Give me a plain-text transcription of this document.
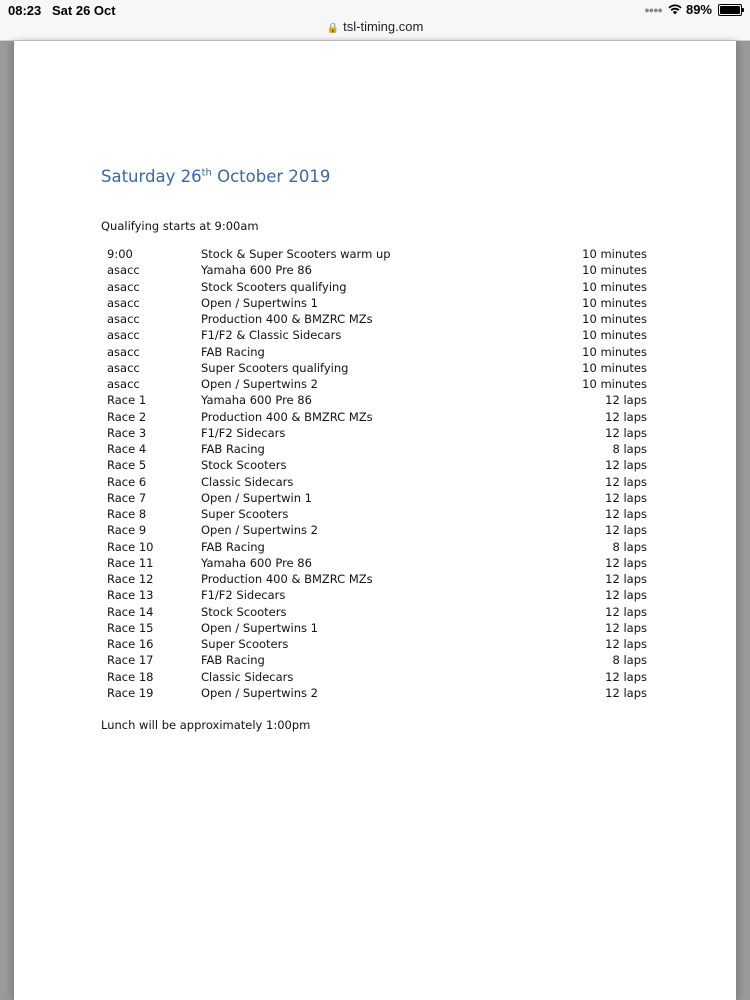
08:23 Sat 26 Oct	●●●● 89%
🔒 tsl-timing.com
Saturday 26th October 2019
Qualifying starts at 9:00am
9:00	Stock & Super Scooters warm up	10 minutes
asacc	Yamaha 600 Pre 86	10 minutes
asacc	Stock Scooters qualifying	10 minutes
asacc	Open / Supertwins 1	10 minutes
asacc	Production 400 & BMZRC MZs	10 minutes
asacc	F1/F2 & Classic Sidecars	10 minutes
asacc	FAB Racing	10 minutes
asacc	Super Scooters qualifying	10 minutes
asacc	Open / Supertwins 2	10 minutes
Race 1	Yamaha 600 Pre 86	12 laps
Race 2	Production 400 & BMZRC MZs	12 laps
Race 3	F1/F2 Sidecars	12 laps
Race 4	FAB Racing	8 laps
Race 5	Stock Scooters	12 laps
Race 6	Classic Sidecars	12 laps
Race 7	Open / Supertwin 1	12 laps
Race 8	Super Scooters	12 laps
Race 9	Open / Supertwins 2	12 laps
Race 10	FAB Racing	8 laps
Race 11	Yamaha 600 Pre 86	12 laps
Race 12	Production 400 & BMZRC MZs	12 laps
Race 13	F1/F2 Sidecars	12 laps
Race 14	Stock Scooters	12 laps
Race 15	Open / Supertwins 1	12 laps
Race 16	Super Scooters	12 laps
Race 17	FAB Racing	8 laps
Race 18	Classic Sidecars	12 laps
Race 19	Open / Supertwins 2	12 laps
Lunch will be approximately 1:00pm
